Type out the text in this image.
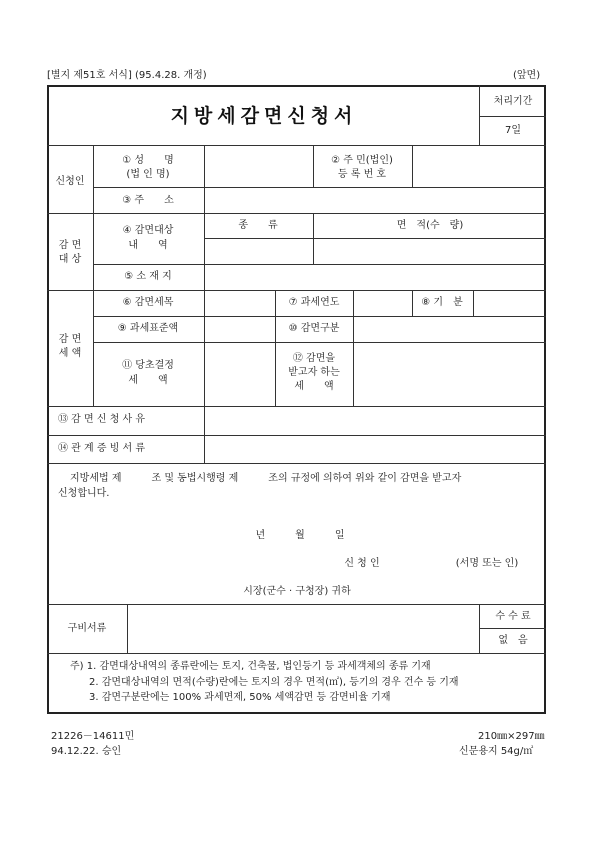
[별지 제51호 서식] (95.4.28. 개정)	(앞면)
지방세감면신청서
처리기간
7일
신청인
① 성　　명
(법 인 명)
② 주 민(법인)
등 록 번 호
③ 주　　소
감 면
대 상
④ 감면대상
내　　역
종　　류	면　적(수　량)
⑤ 소 재 지
감 면
세 액
⑥ 감면세목	⑦ 과세연도	⑧ 기　분
⑨ 과세표준액	⑩ 감면구분
⑪ 당초결정
세　　액
⑫ 감면을
받고자 하는
세　　액
⑬ 감 면 신 청 사 유
⑭ 관 계 증 빙 서 류
지방세법 제　　　조 및 동법시행령 제　　　조의 규정에 의하여 위와 같이 감면을 받고자
신청합니다.
년　　　월　　　일
신 청 인	(서명 또는 인)
시장(군수 · 구청장) 귀하
구비서류
수 수 료
없　음
주) 1. 감면대상내역의 종류란에는 토지, 건축물, 법인등기 등 과세객체의 종류 기재
2. 감면대상내역의 면적(수량)란에는 토지의 경우 면적(㎡), 등기의 경우 건수 등 기재
3. 감면구분란에는 100% 과세면제, 50% 세액감면 등 감면비율 기재
21226－14611민
94.12.22. 승인
210㎜×297㎜
신문용지 54g/㎡
